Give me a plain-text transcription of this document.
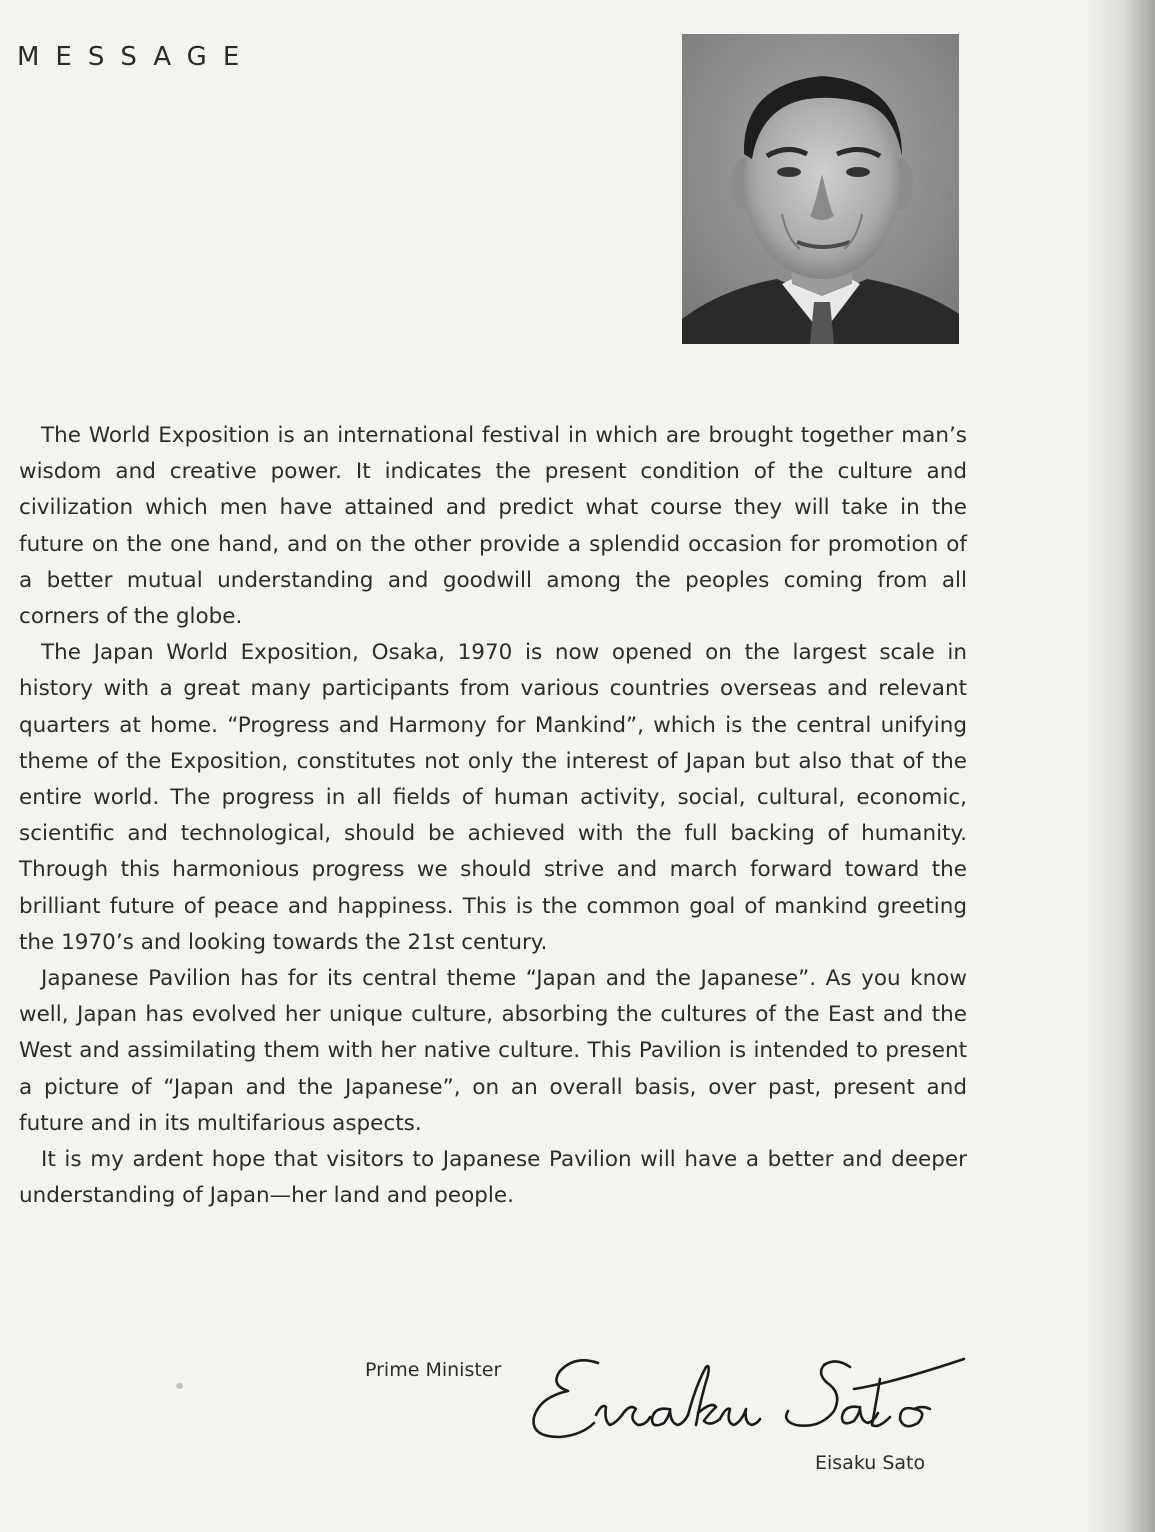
MESSAGE

The World Exposition is an international festival in which are brought together man’s wisdom and creative power. It indicates the present condition of the culture and civilization which men have attained and predict what course they will take in the future on the one hand, and on the other provide a splendid occasion for promotion of a better mutual understanding and goodwill among the peoples coming from all corners of the globe.

The Japan World Exposition, Osaka, 1970 is now opened on the largest scale in history with a great many participants from various countries overseas and relevant quarters at home. “Progress and Harmony for Mankind”, which is the central unifying theme of the Exposition, constitutes not only the interest of Japan but also that of the entire world. The progress in all fields of human activity, social, cultural, economic, scientific and technological, should be achieved with the full backing of humanity. Through this harmonious progress we should strive and march forward toward the brilliant future of peace and happiness. This is the common goal of mankind greeting the 1970’s and looking towards the 21st century.

Japanese Pavilion has for its central theme “Japan and the Japanese”. As you know well, Japan has evolved her unique culture, absorbing the cultures of the East and the West and assimilating them with her native culture. This Pavilion is intended to present a picture of “Japan and the Japanese”, on an overall basis, over past, present and future and in its multifarious aspects.

It is my ardent hope that visitors to Japanese Pavilion will have a better and deeper understanding of Japan—her land and people.

Prime Minister
Eisaku Sato
